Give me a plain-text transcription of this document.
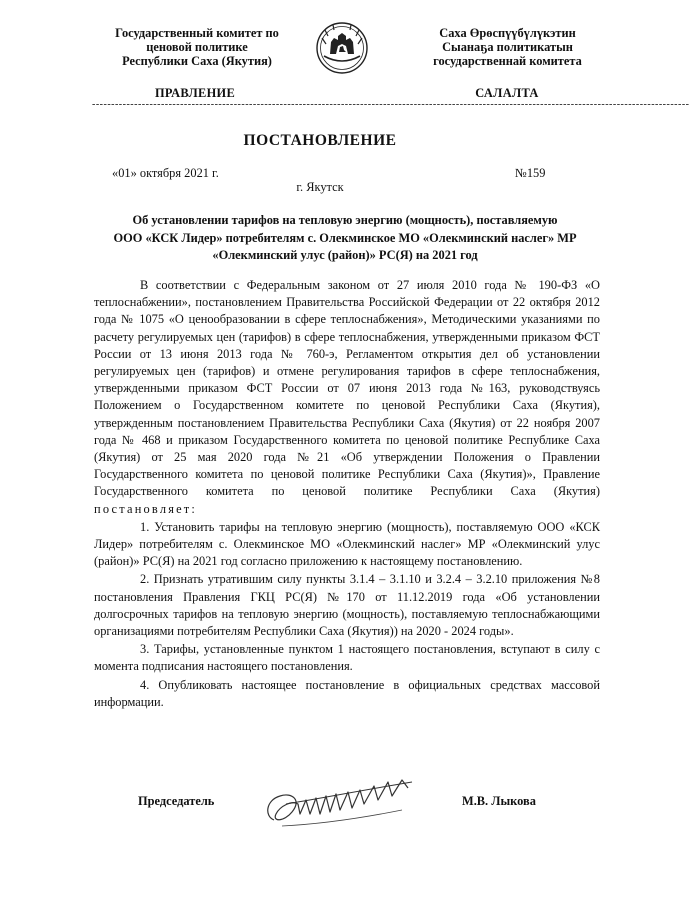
Государственный комитет по
ценовой политике
Республики Саха (Якутия)
Саха Өрөспүүбүлүкэтин
Сыанаҕа политикатын
государственнай комитета
ПРАВЛЕНИЕ	САЛАЛТА
------------------------------------------------------------------------------------------------------------------------------------------------------------
ПОСТАНОВЛЕНИЕ
«01» октября 2021 г.	№159
г. Якутск
Об установлении тарифов на тепловую энергию (мощность), поставляемую
ООО «КСК Лидер» потребителям с. Олекминское МО «Олекминский наслег» МР
«Олекминский улус (район)» РС(Я) на 2021 год

В соответствии с Федеральным законом от 27 июля 2010 года № 190-ФЗ «О теплоснабжении», постановлением Правительства Российской Федерации от 22 октября 2012 года № 1075 «О ценообразовании в сфере теплоснабжения», Методическими указаниями по расчету регулируемых цен (тарифов) в сфере теплоснабжения, утвержденными приказом ФСТ России от 13 июня 2013 года № 760-э, Регламентом открытия дел об установлении регулируемых цен (тарифов) и отмене регулирования тарифов в сфере теплоснабжения, утвержденными приказом ФСТ России от 07 июня 2013 года №163, руководствуясь Положением о Государственном комитете по ценовой Республики Саха (Якутия), утвержденным постановлением Правительства Республики Саха (Якутия) от 22 ноября 2007 года № 468 и приказом Государственного комитета по ценовой политике Республике Саха (Якутия) от 25 мая 2020 года №21 «Об утверждении Положения о Правлении Государственного комитета по ценовой политике Республики Саха (Якутия)», Правление Государственного комитета по ценовой политике Республики Саха (Якутия) постановляет:

1. Установить тарифы на тепловую энергию (мощность), поставляемую ООО «КСК Лидер» потребителям с. Олекминское МО «Олекминский наслег» МР «Олекминский улус (район)» РС(Я) на 2021 год согласно приложению к настоящему постановлению.

2. Признать утратившим силу пункты 3.1.4 – 3.1.10 и 3.2.4 – 3.2.10 приложения №8 постановления Правления ГКЦ РС(Я) №170 от 11.12.2019 года «Об установлении долгосрочных тарифов на тепловую энергию (мощность), поставляемую теплоснабжающими организациями потребителям Республики Саха (Якутия)) на 2020 - 2024 годы».

3. Тарифы, установленные пунктом 1 настоящего постановления, вступают в силу с момента подписания настоящего постановления.

4. Опубликовать настоящее постановление в официальных средствах массовой информации.

Председатель	М.В. Лыкова
